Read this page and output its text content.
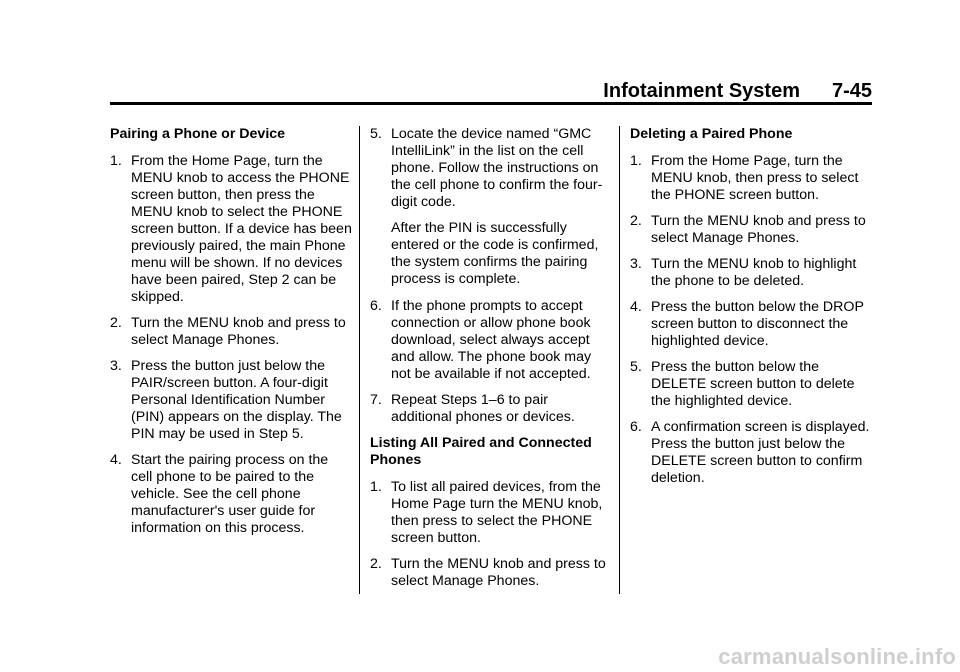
Infotainment System 7-45
Pairing a Phone or Device
1. From the Home Page, turn the MENU knob to access the PHONE screen button, then press the MENU knob to select the PHONE screen button. If a device has been previously paired, the main Phone menu will be shown. If no devices have been paired, Step 2 can be skipped.
2. Turn the MENU knob and press to select Manage Phones.
3. Press the button just below the PAIR/screen button. A four-digit Personal Identification Number (PIN) appears on the display. The PIN may be used in Step 5.
4. Start the pairing process on the cell phone to be paired to the vehicle. See the cell phone manufacturer's user guide for information on this process.
5. Locate the device named “GMC IntelliLink” in the list on the cell phone. Follow the instructions on the cell phone to confirm the four-digit code.
After the PIN is successfully entered or the code is confirmed, the system confirms the pairing process is complete.
6. If the phone prompts to accept connection or allow phone book download, select always accept and allow. The phone book may not be available if not accepted.
7. Repeat Steps 1–6 to pair additional phones or devices.
Listing All Paired and Connected Phones
1. To list all paired devices, from the Home Page turn the MENU knob, then press to select the PHONE screen button.
2. Turn the MENU knob and press to select Manage Phones.
Deleting a Paired Phone
1. From the Home Page, turn the MENU knob, then press to select the PHONE screen button.
2. Turn the MENU knob and press to select Manage Phones.
3. Turn the MENU knob to highlight the phone to be deleted.
4. Press the button below the DROP screen button to disconnect the highlighted device.
5. Press the button below the DELETE screen button to delete the highlighted device.
6. A confirmation screen is displayed. Press the button just below the DELETE screen button to confirm deletion.
carmanualsonline.info
